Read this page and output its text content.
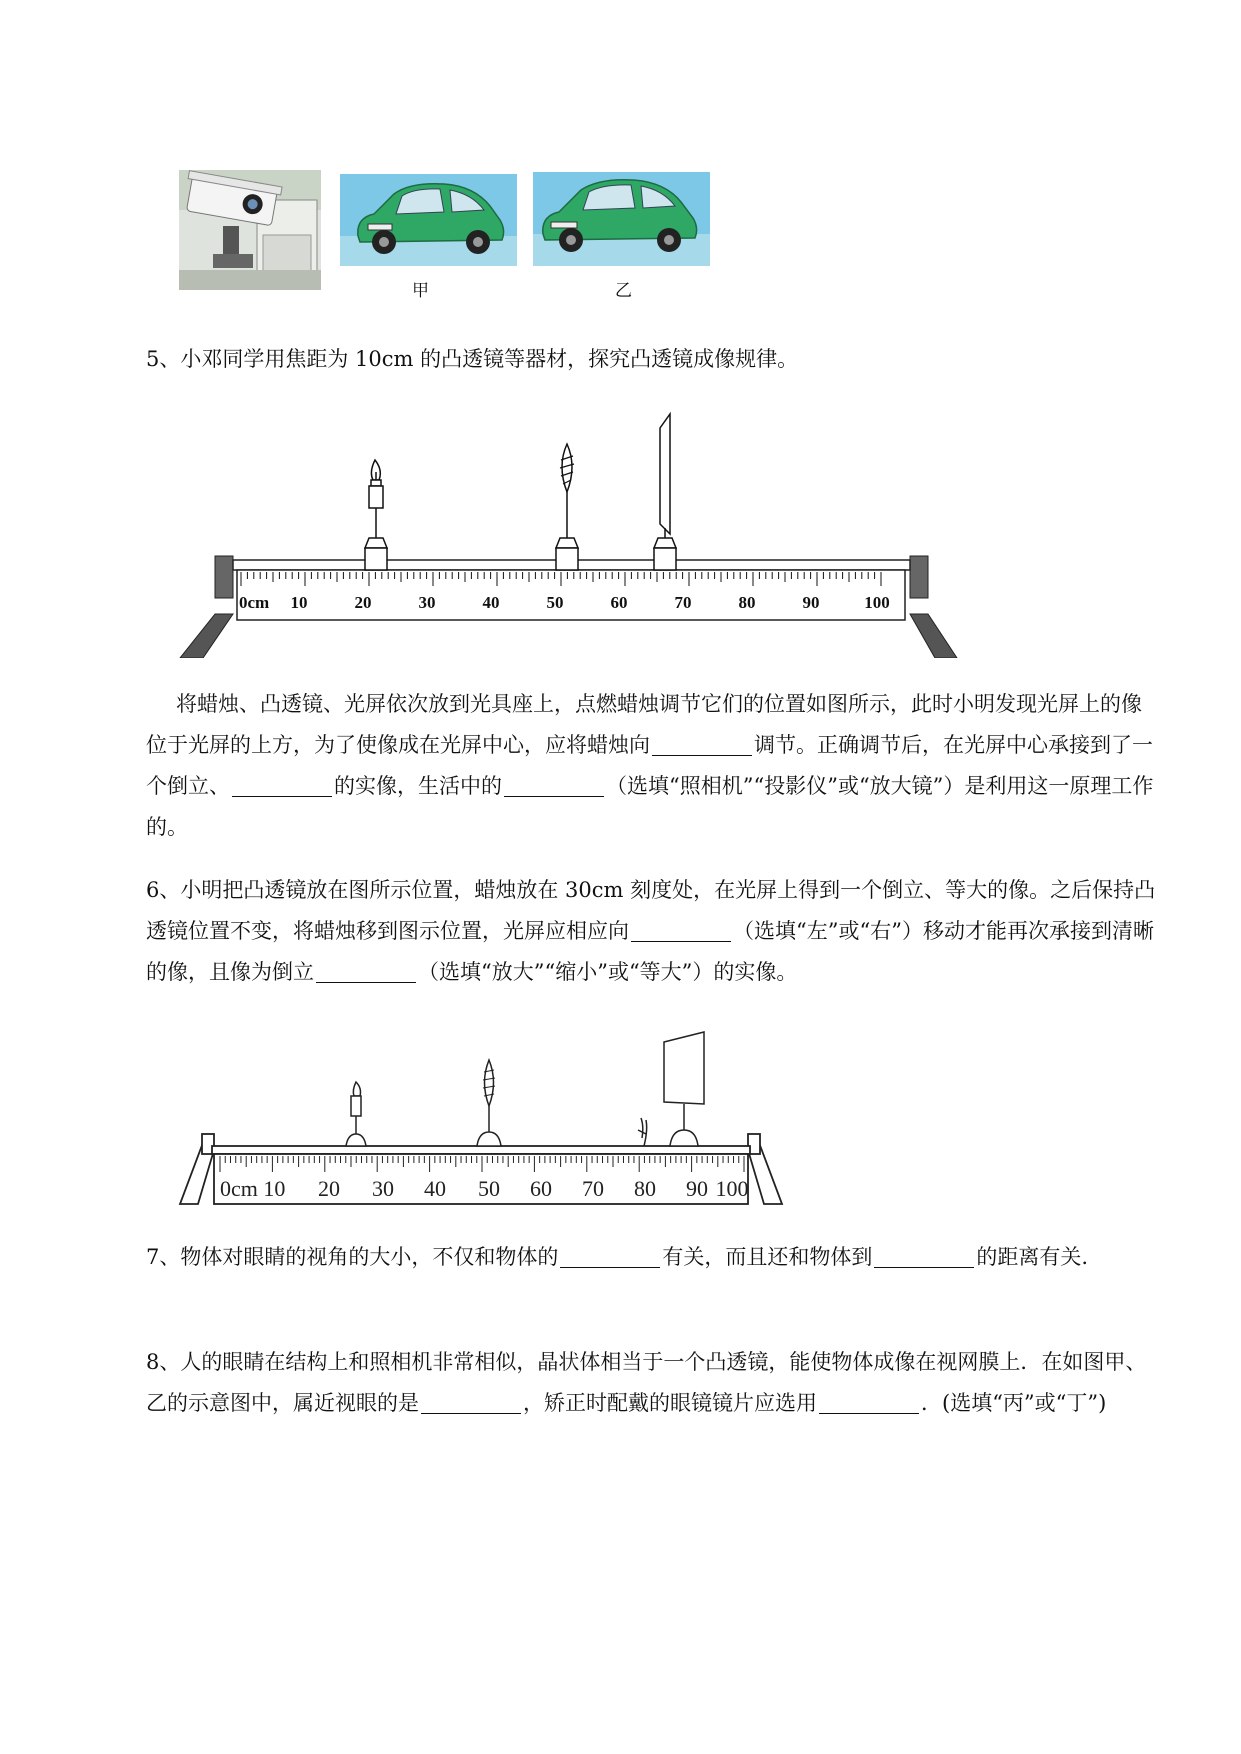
甲	乙
5、小邓同学用焦距为 10cm 的凸透镜等器材，探究凸透镜成像规律。
0cm 10	20	30	40	50	60	70	80	90	100
将蜡烛、凸透镜、光屏依次放到光具座上，点燃蜡烛调节它们的位置如图所示，此时小明发现光屏上的像位于光屏的上方，为了使像成在光屏中心，应将蜡烛向	调节。正确调节后，在光屏中心承接到了一个倒立、	的实像，生活中的	（选填“照相机”“投影仪”或“放大镜”）是利用这一原理工作的。
6、小明把凸透镜放在图所示位置，蜡烛放在 30cm 刻度处，在光屏上得到一个倒立、等大的像。之后保持凸透镜位置不变，将蜡烛移到图示位置，光屏应相应向	（选填“左”或“右”）移动才能再次承接到清晰的像，且像为倒立	（选填“放大”“缩小”或“等大”）的实像。
0cm 10 20 30 40 50 60 70 80 90 100
7、物体对眼睛的视角的大小，不仅和物体的	有关，而且还和物体到	的距离有关.
8、人的眼睛在结构上和照相机非常相似，晶状体相当于一个凸透镜，能使物体成像在视网膜上．在如图甲、乙的示意图中，属近视眼的是	，矫正时配戴的眼镜镜片应选用	．(选填“丙”或“丁”)
